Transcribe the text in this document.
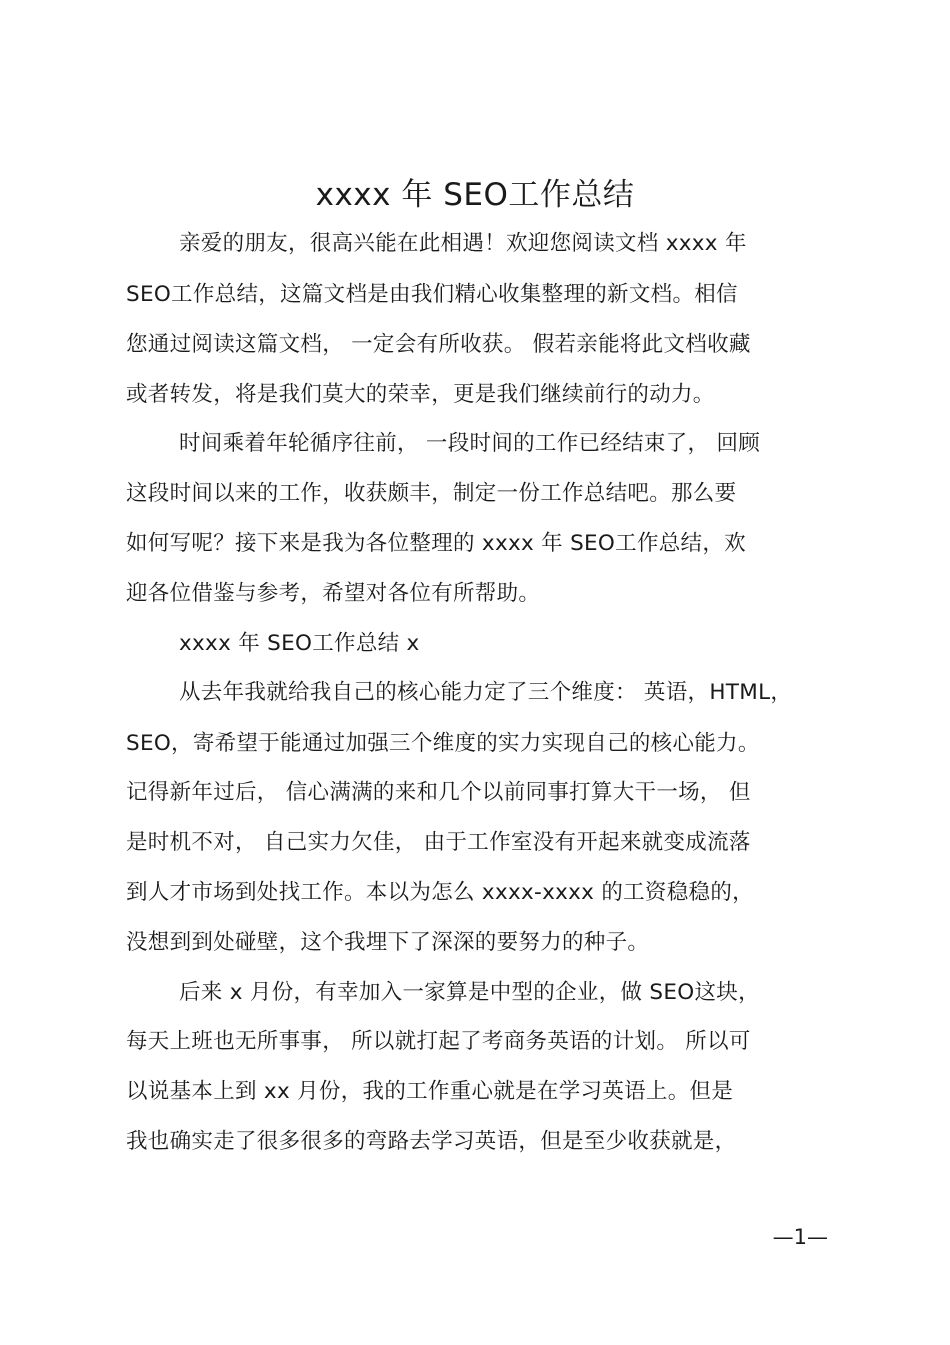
xxxx 年 SEO工作总结
亲爱的朋友，很高兴能在此相遇！欢迎您阅读文档 xxxx 年
SEO工作总结，这篇文档是由我们精心收集整理的新文档。相信
您通过阅读这篇文档， 一定会有所收获。 假若亲能将此文档收藏
或者转发，将是我们莫大的荣幸，更是我们继续前行的动力。
时间乘着年轮循序往前， 一段时间的工作已经结束了， 回顾
这段时间以来的工作，收获颇丰，制定一份工作总结吧。那么要
如何写呢？接下来是我为各位整理的 xxxx 年 SEO工作总结，欢
迎各位借鉴与参考，希望对各位有所帮助。
xxxx 年 SEO工作总结 x
从去年我就给我自己的核心能力定了三个维度： 英语，HTML，
SEO，寄希望于能通过加强三个维度的实力实现自己的核心能力。
记得新年过后， 信心满满的来和几个以前同事打算大干一场， 但
是时机不对， 自己实力欠佳， 由于工作室没有开起来就变成流落
到人才市场到处找工作。本以为怎么 xxxx-xxxx 的工资稳稳的，
没想到到处碰壁，这个我埋下了深深的要努力的种子。
后来 x 月份，有幸加入一家算是中型的企业，做 SEO这块，
每天上班也无所事事， 所以就打起了考商务英语的计划。 所以可
以说基本上到 xx 月份，我的工作重心就是在学习英语上。但是
我也确实走了很多很多的弯路去学习英语，但是至少收获就是，
—1—
